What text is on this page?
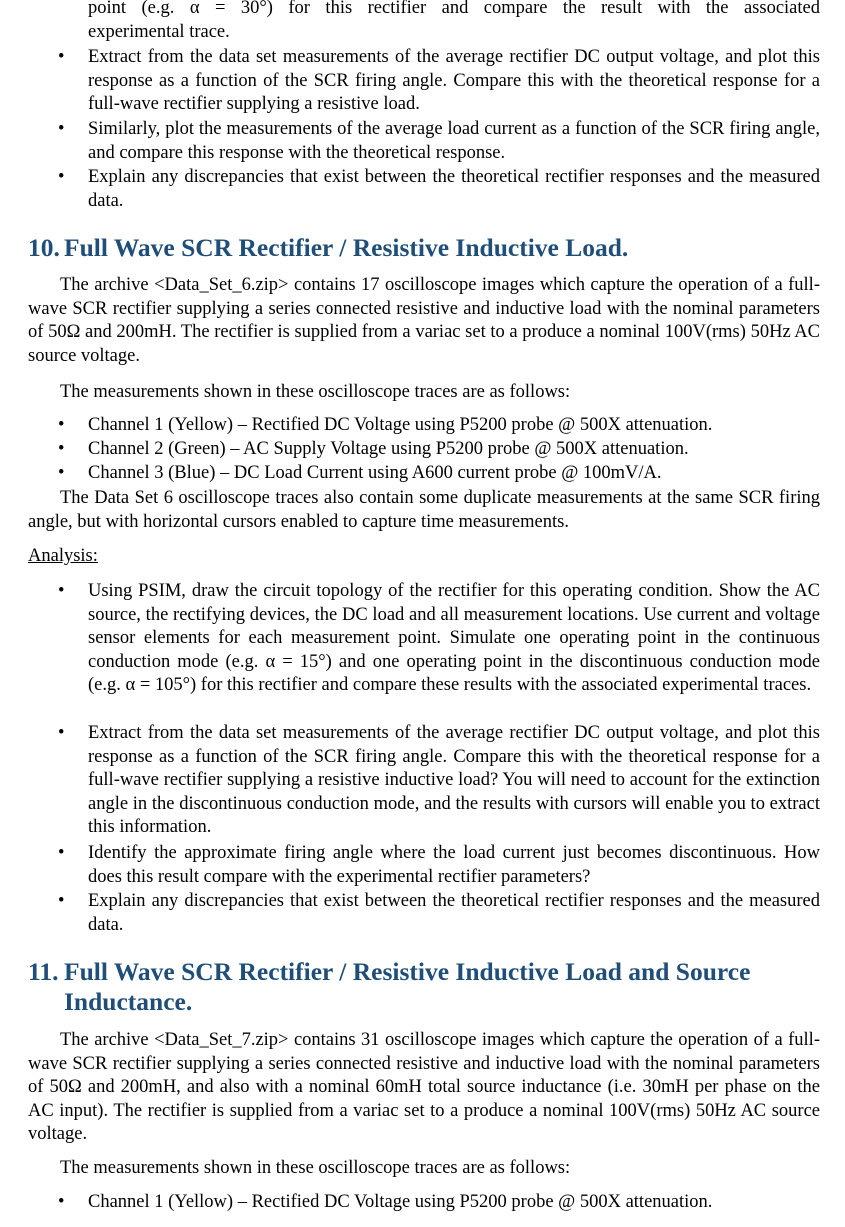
point (e.g. α = 30°) for this rectifier and compare the result with the associated
experimental trace.
•	Extract from the data set measurements of the average rectifier DC output voltage, and plot this response as a function of the SCR firing angle. Compare this with the theoretical response for a full-wave rectifier supplying a resistive load.
•	Similarly, plot the measurements of the average load current as a function of the SCR firing angle, and compare this response with the theoretical response.
•	Explain any discrepancies that exist between the theoretical rectifier responses and the measured data.
10. Full Wave SCR Rectifier / Resistive Inductive Load.
The archive <Data_Set_6.zip> contains 17 oscilloscope images which capture the operation of a full-wave SCR rectifier supplying a series connected resistive and inductive load with the nominal parameters of 50Ω and 200mH. The rectifier is supplied from a variac set to a produce a nominal 100V(rms) 50Hz AC source voltage.
The measurements shown in these oscilloscope traces are as follows:
•	Channel 1 (Yellow) – Rectified DC Voltage using P5200 probe @ 500X attenuation.
•	Channel 2 (Green) – AC Supply Voltage using P5200 probe @ 500X attenuation.
•	Channel 3 (Blue) – DC Load Current using A600 current probe @ 100mV/A.
The Data Set 6 oscilloscope traces also contain some duplicate measurements at the same SCR firing angle, but with horizontal cursors enabled to capture time measurements.
Analysis:
•	Using PSIM, draw the circuit topology of the rectifier for this operating condition. Show the AC source, the rectifying devices, the DC load and all measurement locations. Use current and voltage sensor elements for each measurement point. Simulate one operating point in the continuous conduction mode (e.g. α = 15°) and one operating point in the discontinuous conduction mode (e.g. α = 105°) for this rectifier and compare these results with the associated experimental traces.
•	Extract from the data set measurements of the average rectifier DC output voltage, and plot this response as a function of the SCR firing angle. Compare this with the theoretical response for a full-wave rectifier supplying a resistive inductive load? You will need to account for the extinction angle in the discontinuous conduction mode, and the results with cursors will enable you to extract this information.
•	Identify the approximate firing angle where the load current just becomes discontinuous. How does this result compare with the experimental rectifier parameters?
•	Explain any discrepancies that exist between the theoretical rectifier responses and the measured data.
11. Full Wave SCR Rectifier / Resistive Inductive Load and Source
Inductance.
The archive <Data_Set_7.zip> contains 31 oscilloscope images which capture the operation of a full-wave SCR rectifier supplying a series connected resistive and inductive load with the nominal parameters of 50Ω and 200mH, and also with a nominal 60mH total source inductance (i.e. 30mH per phase on the AC input). The rectifier is supplied from a variac set to a produce a nominal 100V(rms) 50Hz AC source voltage.
The measurements shown in these oscilloscope traces are as follows:
•	Channel 1 (Yellow) – Rectified DC Voltage using P5200 probe @ 500X attenuation.
